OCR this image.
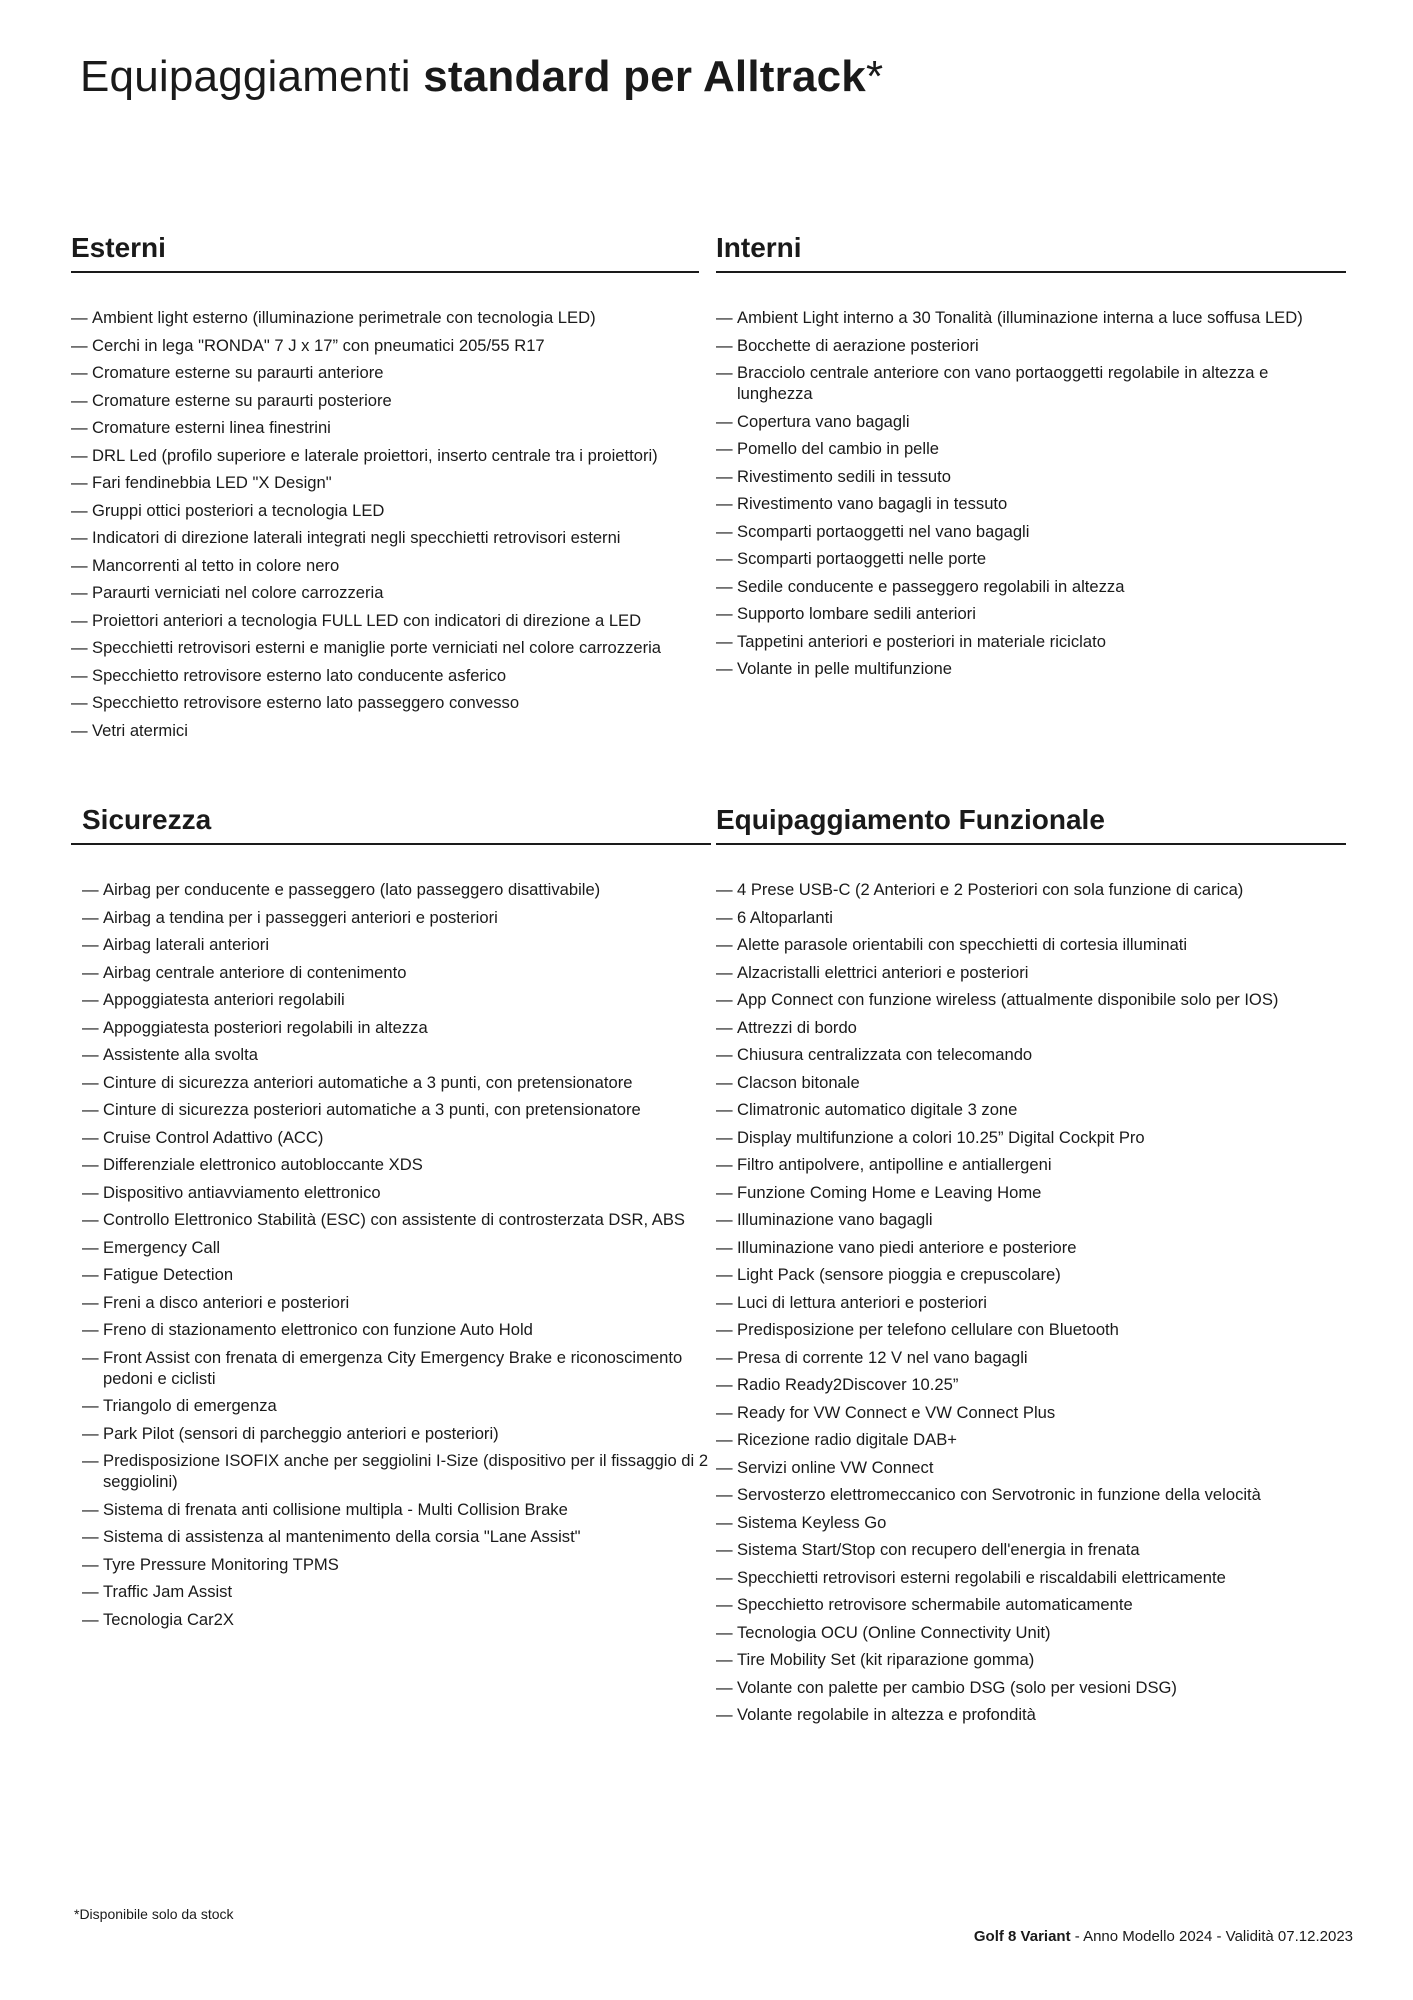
Equipaggiamenti standard per Alltrack*
Esterni
— Ambient light esterno (illuminazione perimetrale con tecnologia LED)
— Cerchi in lega "RONDA" 7 J x 17” con pneumatici 205/55 R17
— Cromature esterne su paraurti anteriore
— Cromature esterne su paraurti posteriore
— Cromature esterni linea finestrini
— DRL Led (profilo superiore e laterale proiettori, inserto centrale tra i proiettori)
— Fari fendinebbia LED "X Design"
— Gruppi ottici posteriori a tecnologia LED
— Indicatori di direzione laterali integrati negli specchietti retrovisori esterni
— Mancorrenti al tetto in colore nero
— Paraurti verniciati nel colore carrozzeria
— Proiettori anteriori a tecnologia FULL LED con indicatori di direzione a LED
— Specchietti retrovisori esterni e maniglie porte verniciati nel colore carrozzeria
— Specchietto retrovisore esterno lato conducente asferico
— Specchietto retrovisore esterno lato passeggero convesso
— Vetri atermici
Interni
— Ambient Light interno a 30 Tonalità (illuminazione interna a luce soffusa LED)
— Bocchette di aerazione posteriori
— Bracciolo centrale anteriore con vano portaoggetti regolabile in altezza e lunghezza
— Copertura vano bagagli
— Pomello del cambio in pelle
— Rivestimento sedili in tessuto
— Rivestimento vano bagagli in tessuto
— Scomparti portaoggetti nel vano bagagli
— Scomparti portaoggetti nelle porte
— Sedile conducente e passeggero regolabili in altezza
— Supporto lombare sedili anteriori
— Tappetini anteriori e posteriori in materiale riciclato
— Volante in pelle multifunzione
Sicurezza
— Airbag per conducente e passeggero (lato passeggero disattivabile)
— Airbag a tendina per i passeggeri anteriori e posteriori
— Airbag laterali anteriori
— Airbag centrale anteriore di contenimento
— Appoggiatesta anteriori regolabili
— Appoggiatesta posteriori regolabili in altezza
— Assistente alla svolta
— Cinture di sicurezza anteriori automatiche a 3 punti, con pretensionatore
— Cinture di sicurezza posteriori automatiche a 3 punti, con pretensionatore
— Cruise Control Adattivo (ACC)
— Differenziale elettronico autobloccante XDS
— Dispositivo antiavviamento elettronico
— Controllo Elettronico Stabilità (ESC) con assistente di controsterzata DSR, ABS
— Emergency Call
— Fatigue Detection
— Freni a disco anteriori e posteriori
— Freno di stazionamento elettronico con funzione Auto Hold
— Front Assist con frenata di emergenza City Emergency Brake e riconoscimento pedoni e ciclisti
— Triangolo di emergenza
— Park Pilot (sensori di parcheggio anteriori e posteriori)
— Predisposizione ISOFIX anche per seggiolini I-Size (dispositivo per il fissaggio di 2 seggiolini)
— Sistema di frenata anti collisione multipla - Multi Collision Brake
— Sistema di assistenza al mantenimento della corsia "Lane Assist"
— Tyre Pressure Monitoring TPMS
— Traffic Jam Assist
— Tecnologia Car2X
Equipaggiamento Funzionale
— 4 Prese USB-C (2 Anteriori e 2 Posteriori con sola funzione di carica)
— 6 Altoparlanti
— Alette parasole orientabili con specchietti di cortesia illuminati
— Alzacristalli elettrici anteriori e posteriori
— App Connect con funzione wireless (attualmente disponibile solo per IOS)
— Attrezzi di bordo
— Chiusura centralizzata con telecomando
— Clacson bitonale
— Climatronic automatico digitale 3 zone
— Display multifunzione a colori 10.25” Digital Cockpit Pro
— Filtro antipolvere, antipolline e antiallergeni
— Funzione Coming Home e Leaving Home
— Illuminazione vano bagagli
— Illuminazione vano piedi anteriore e posteriore
— Light Pack (sensore pioggia e crepuscolare)
— Luci di lettura anteriori e posteriori
— Predisposizione per telefono cellulare con Bluetooth
— Presa di corrente 12 V nel vano bagagli
— Radio Ready2Discover 10.25”
— Ready for VW Connect e VW Connect Plus
— Ricezione radio digitale DAB+
— Servizi online VW Connect
— Servosterzo elettromeccanico con Servotronic in funzione della velocità
— Sistema Keyless Go
— Sistema Start/Stop con recupero dell'energia in frenata
— Specchietti retrovisori esterni regolabili e riscaldabili elettricamente
— Specchietto retrovisore schermabile automaticamente
— Tecnologia OCU (Online Connectivity Unit)
— Tire Mobility Set (kit riparazione gomma)
— Volante con palette per cambio DSG (solo per vesioni DSG)
— Volante regolabile in altezza e profondità
*Disponibile solo da stock
Golf 8 Variant - Anno Modello 2024 - Validità 07.12.2023
